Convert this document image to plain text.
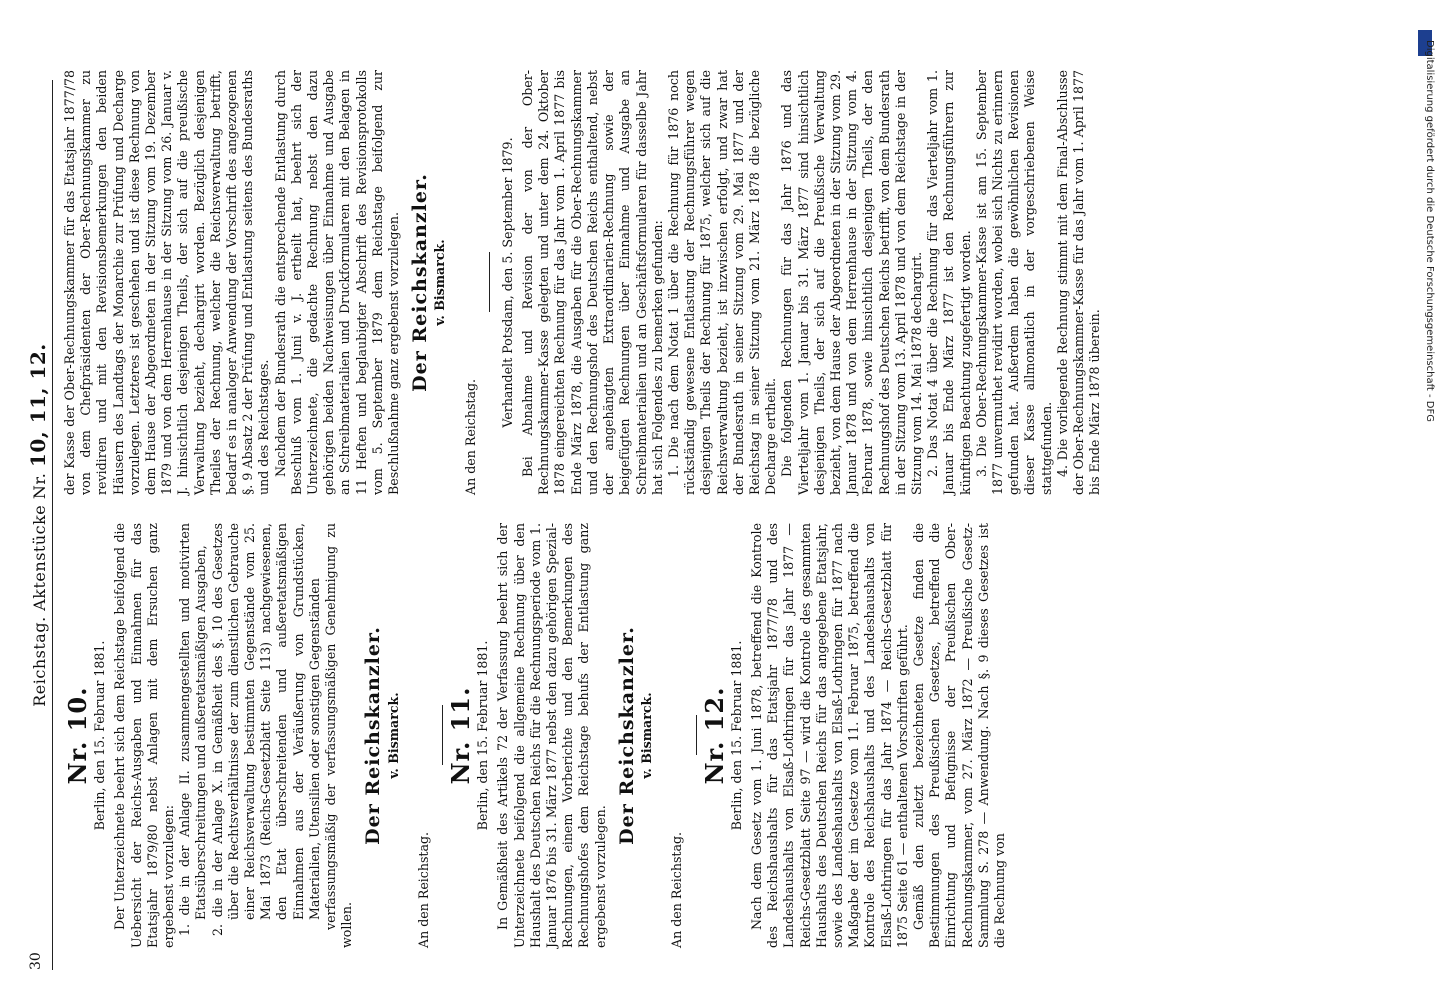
30
Reichstag. Aktenstücke Nr. 10, 11, 12.
Nr. 10. Berlin, den 15. Februar 1881. Der Unterzeichnete beehrt sich dem Reichstage beifolgend die Uebersicht der Reichs-Ausgaben und Einnahmen für das Etatsjahr 1879/80 nebst Anlagen mit dem Ersuchen ganz ergebenst vorzulegen: 1. die in der Anlage II. zusammengestellten und motivirten Etatsüberschreitungen und außeretatsmäßigen Ausgaben, 2. die in der Anlage X. in Gemäßheit des §. 10 des Gesetzes über die Rechtsverhältnisse der zum dienstlichen Gebrauche einer Reichsverwaltung bestimmten Gegenstände vom 25. Mai 1873 (Reichs-Gesetzblatt Seite 113) nachgewiesenen, den Etat überschreitenden und außeretatsmäßigen Einnahmen aus der Veräußerung von Grundstücken, Materialien, Utensilien oder sonstigen Gegenständen verfassungsmäßig der verfassungsmäßigen Genehmigung zu wollen.

Der Reichskanzler. v. Bismarck.
An den Reichstag.
Nr. 11. Berlin, den 15. Februar 1881. In Gemäßheit des Artikels 72 der Verfassung beehrt sich der Unterzeichnete beifolgend die allgemeine Rechnung über den Haushalt des Deutschen Reichs für die Rechnungsperiode vom 1. Januar 1876 bis 31. März 1877 nebst den dazu gehörigen Spezial-Rechnungen, einem Vorberichte und den Bemerkungen des Rechnungshofes dem Reichstage behufs der Entlastung ganz ergebenst vorzulegen.

Der Reichskanzler. v. Bismarck.
An den Reichstag.
Nr. 12. Berlin, den 15. Februar 1881. Nach dem Gesetz vom 1. Juni 1878, betreffend die Kontrole des Reichshaushalts für das Etatsjahr 1877/78 und des Landeshaushalts von Elsaß-Lothringen für das Jahr 1877 — Reichs-Gesetzblatt Seite 97 — wird die Kontrole des gesammten Haushalts des Deutschen Reichs für das angegebene Etatsjahr, sowie des Landeshaushalts von Elsaß-Lothringen für 1877 nach Maßgabe der im Gesetze vom 11. Februar 1875, betreffend die Kontrole des Reichshaushalts und des Landeshaushalts von Elsaß-Lothringen für das Jahr 1874 — Reichs-Gesetzblatt für 1875 Seite 61 — enthaltenen Vorschriften geführt. Gemäß den zuletzt bezeichneten Gesetze finden die Bestimmungen des Preußischen Gesetzes, betreffend die Einrichtung und Befugnisse der Preußischen Ober-Rechnungskammer, vom 27. März 1872 — Preußische Gesetz-Sammlung S. 278 — Anwendung. Nach §. 9 dieses Gesetzes ist die Rechnung von

der Kasse der Ober-Rechnungskammer für das Etatsjahr 1877/78 von dem Chefpräsidenten der Ober-Rechnungskammer zu revidiren und mit den Revisionsbemerkungen den beiden Häusern des Landtags der Monarchie zur Prüfung und Decharge vorzulegen. Letzteres ist geschehen und ist diese Rechnung von dem Hause der Abgeordneten in der Sitzung vom 19. Dezember 1879 und von dem Herrenhause in der Sitzung vom 26. Januar v. J. hinsichtlich desjenigen Theils, der sich auf die preußische Verwaltung bezieht, dechargirt worden. Bezüglich desjenigen Theiles der Rechnung, welcher die Reichsverwaltung betrifft, bedarf es in analoger Anwendung der Vorschrift des angezogenen §. 9 Absatz 2 der Prüfung und Entlastung seitens des Bundesraths und des Reichstages. Nachdem der Bundesrath die entsprechende Entlastung durch Beschluß vom 1. Juni v. J. ertheilt hat, beehrt sich der Unterzeichnete, die gedachte Rechnung nebst den dazu gehörigen beiden Nachweisungen über Einnahme und Ausgabe an Schreibmaterialien und Druckformularen mit den Belagen in 11 Heften und beglaubigter Abschrift des Revisionsprotokolls vom 5. September 1879 dem Reichstage beifolgend zur Beschlußnahme ganz ergebenst vorzulegen. Der Reichskanzler. v. Bismarck.
An den Reichstag.
Verhandelt Potsdam, den 5. September 1879. Bei Abnahme und Revision der von der Ober-Rechnungskammer-Kasse gelegten und unter dem 24. Oktober 1878 eingereichten Rechnung für das Jahr vom 1. April 1877 bis Ende März 1878, die Ausgaben für die Ober-Rechnungskammer und den Rechnungshof des Deutschen Reichs enthaltend, nebst der angehängten Extraordinarien-Rechnung sowie der beigefügten Rechnungen über Einnahme und Ausgabe an Schreibmaterialien und an Geschäftsformularen für dasselbe Jahr hat sich Folgendes zu bemerken gefunden: 1. Die nach dem Notat 1 über die Rechnung für 1876 noch rückständig gewesene Entlastung der Rechnungsführer wegen desjenigen Theils der Rechnung für 1875, welcher sich auf die Reichsverwaltung bezieht, ist inzwischen erfolgt, und zwar hat der Bundesrath in seiner Sitzung vom 29. Mai 1877 und der Reichstag in seiner Sitzung vom 21. März 1878 die bezügliche Decharge ertheilt. Die folgenden Rechnungen für das Jahr 1876 und das Vierteljahr vom 1. Januar bis 31. März 1877 sind hinsichtlich desjenigen Theils, der sich auf die Preußische Verwaltung bezieht, von dem Hause der Abgeordneten in der Sitzung vom 29. Januar 1878 und von dem Herrenhause in der Sitzung vom 4. Februar 1878, sowie hinsichtlich desjenigen Theils, der den Rechnungshof des Deutschen Reichs betrifft, von dem Bundesrath in der Sitzung vom 13. April 1878 und von dem Reichstage in der Sitzung vom 14. Mai 1878 dechargirt. 2. Das Notat 4 über die Rechnung für das Vierteljahr vom 1. Januar bis Ende März 1877 ist den Rechnungsführern zur künftigen Beachtung zugefertigt worden. 3. Die Ober-Rechnungskammer-Kasse ist am 15. September 1877 unvermuthet revidirt worden, wobei sich Nichts zu erinnern gefunden hat. Außerdem haben die gewöhnlichen Revisionen dieser Kasse allmonatlich in der vorgeschriebenen Weise stattgefunden. 4. Die vorliegende Rechnung stimmt mit dem Final-Abschlusse der Ober-Rechnungskammer-Kasse für das Jahr vom 1. April 1877 bis Ende März 1878 überein.	Digitalisierung gefördert durch die Deutsche Forschungsgemeinschaft - DFG
